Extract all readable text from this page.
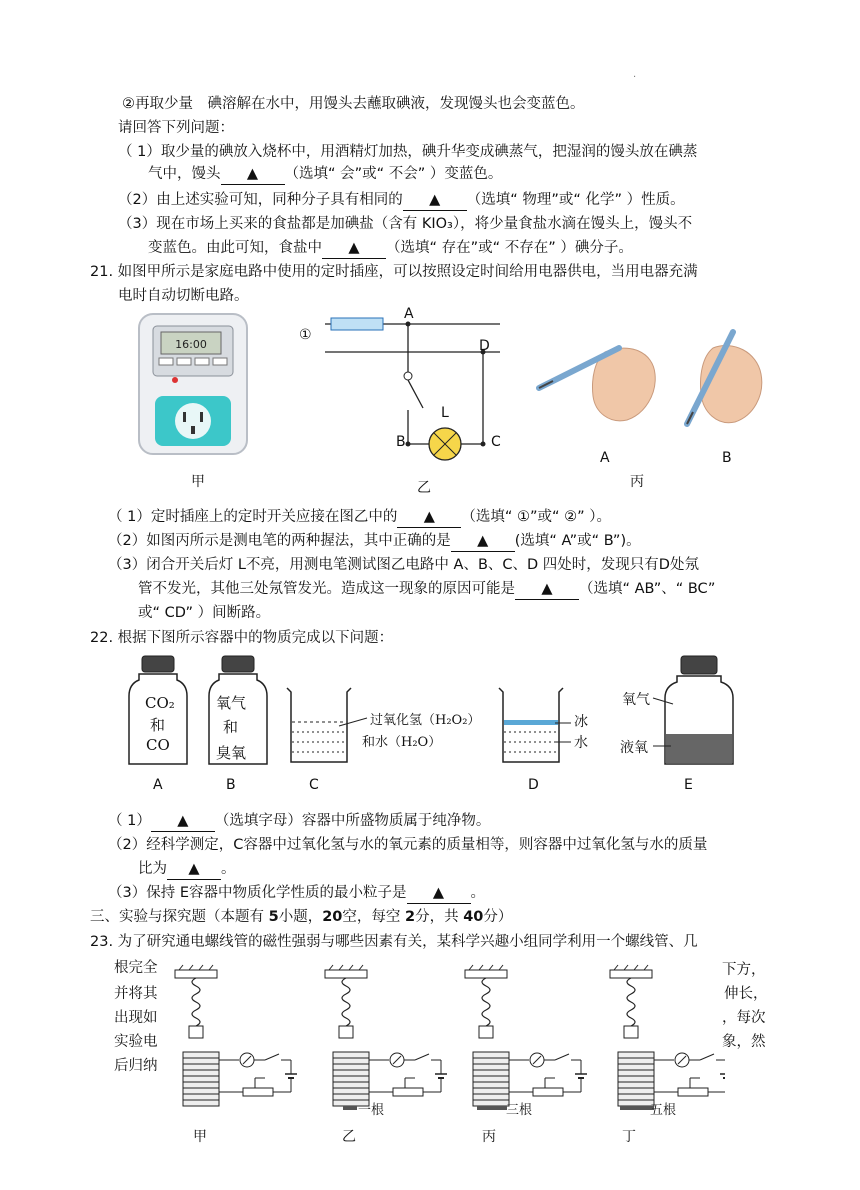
·
②再取少量　碘溶解在水中，用馒头去蘸取碘液，发现馒头也会变蓝色。
请回答下列问题：
（ 1）取少量的碘放入烧杯中，用酒精灯加热，碘升华变成碘蒸气，把湿润的馒头放在碘蒸
气中，馒头 ▲ （选填“ 会”或“ 不会” ）变蓝色。
（2）由上述实验可知，同种分子具有相同的 ▲ （选填“ 物理”或“ 化学” ）性质。
（3）现在市场上买来的食盐都是加碘盐（含有 KIO₃），将少量食盐水滴在馒头上，馒头不
变蓝色。由此可知，食盐中 ▲ （选填“ 存在”或“ 不存在” ）碘分子。
21. 如图甲所示是家庭电路中使用的定时插座，可以按照设定时间给用电器供电，当用电器充满
电时自动切断电路。
16:00
甲
①
A
D
L
B	C
乙
A	B
丙
（ 1）定时插座上的定时开关应接在图乙中的 ▲ （选填“ ①”或“ ②” ）。
（2）如图丙所示是测电笔的两种握法，其中正确的是 ▲ (选填“ A”或“ B”)。
（3）闭合开关后灯 L不亮，用测电笔测试图乙电路中 A、B、C、D 四处时，发现只有D处氖
管不发光，其他三处氖管发光。造成这一现象的原因可能是 ▲ （选填“ AB”、“ BC”
或“ CD” ）间断路。
22. 根据下图所示容器中的物质完成以下问题：
CO₂
和
CO
氧气
和
臭氧
过氧化氢（H₂O₂）
和水（H₂O）
冰
水
氧气
液氧
A	B	C	D	E
（ 1） ▲ （选填字母）容器中所盛物质属于纯净物。
（2）经科学测定，C容器中过氧化氢与水的氧元素的质量相等，则容器中过氧化氢与水的质量
比为 ▲ 。
（3）保持 E容器中物质化学性质的最小粒子是 ▲ 。
三、实验与探究题（本题有 5小题，20空，每空 2分，共 40分）
23. 为了研究通电螺线管的磁性强弱与哪些因素有关，某科学兴趣小组同学利用一个螺线管、几
根完全
并将其
出现如
实验电
后归纳
下方，
伸长，
，每次
象，然
一根	三根	五根
甲	乙	丙	丁
